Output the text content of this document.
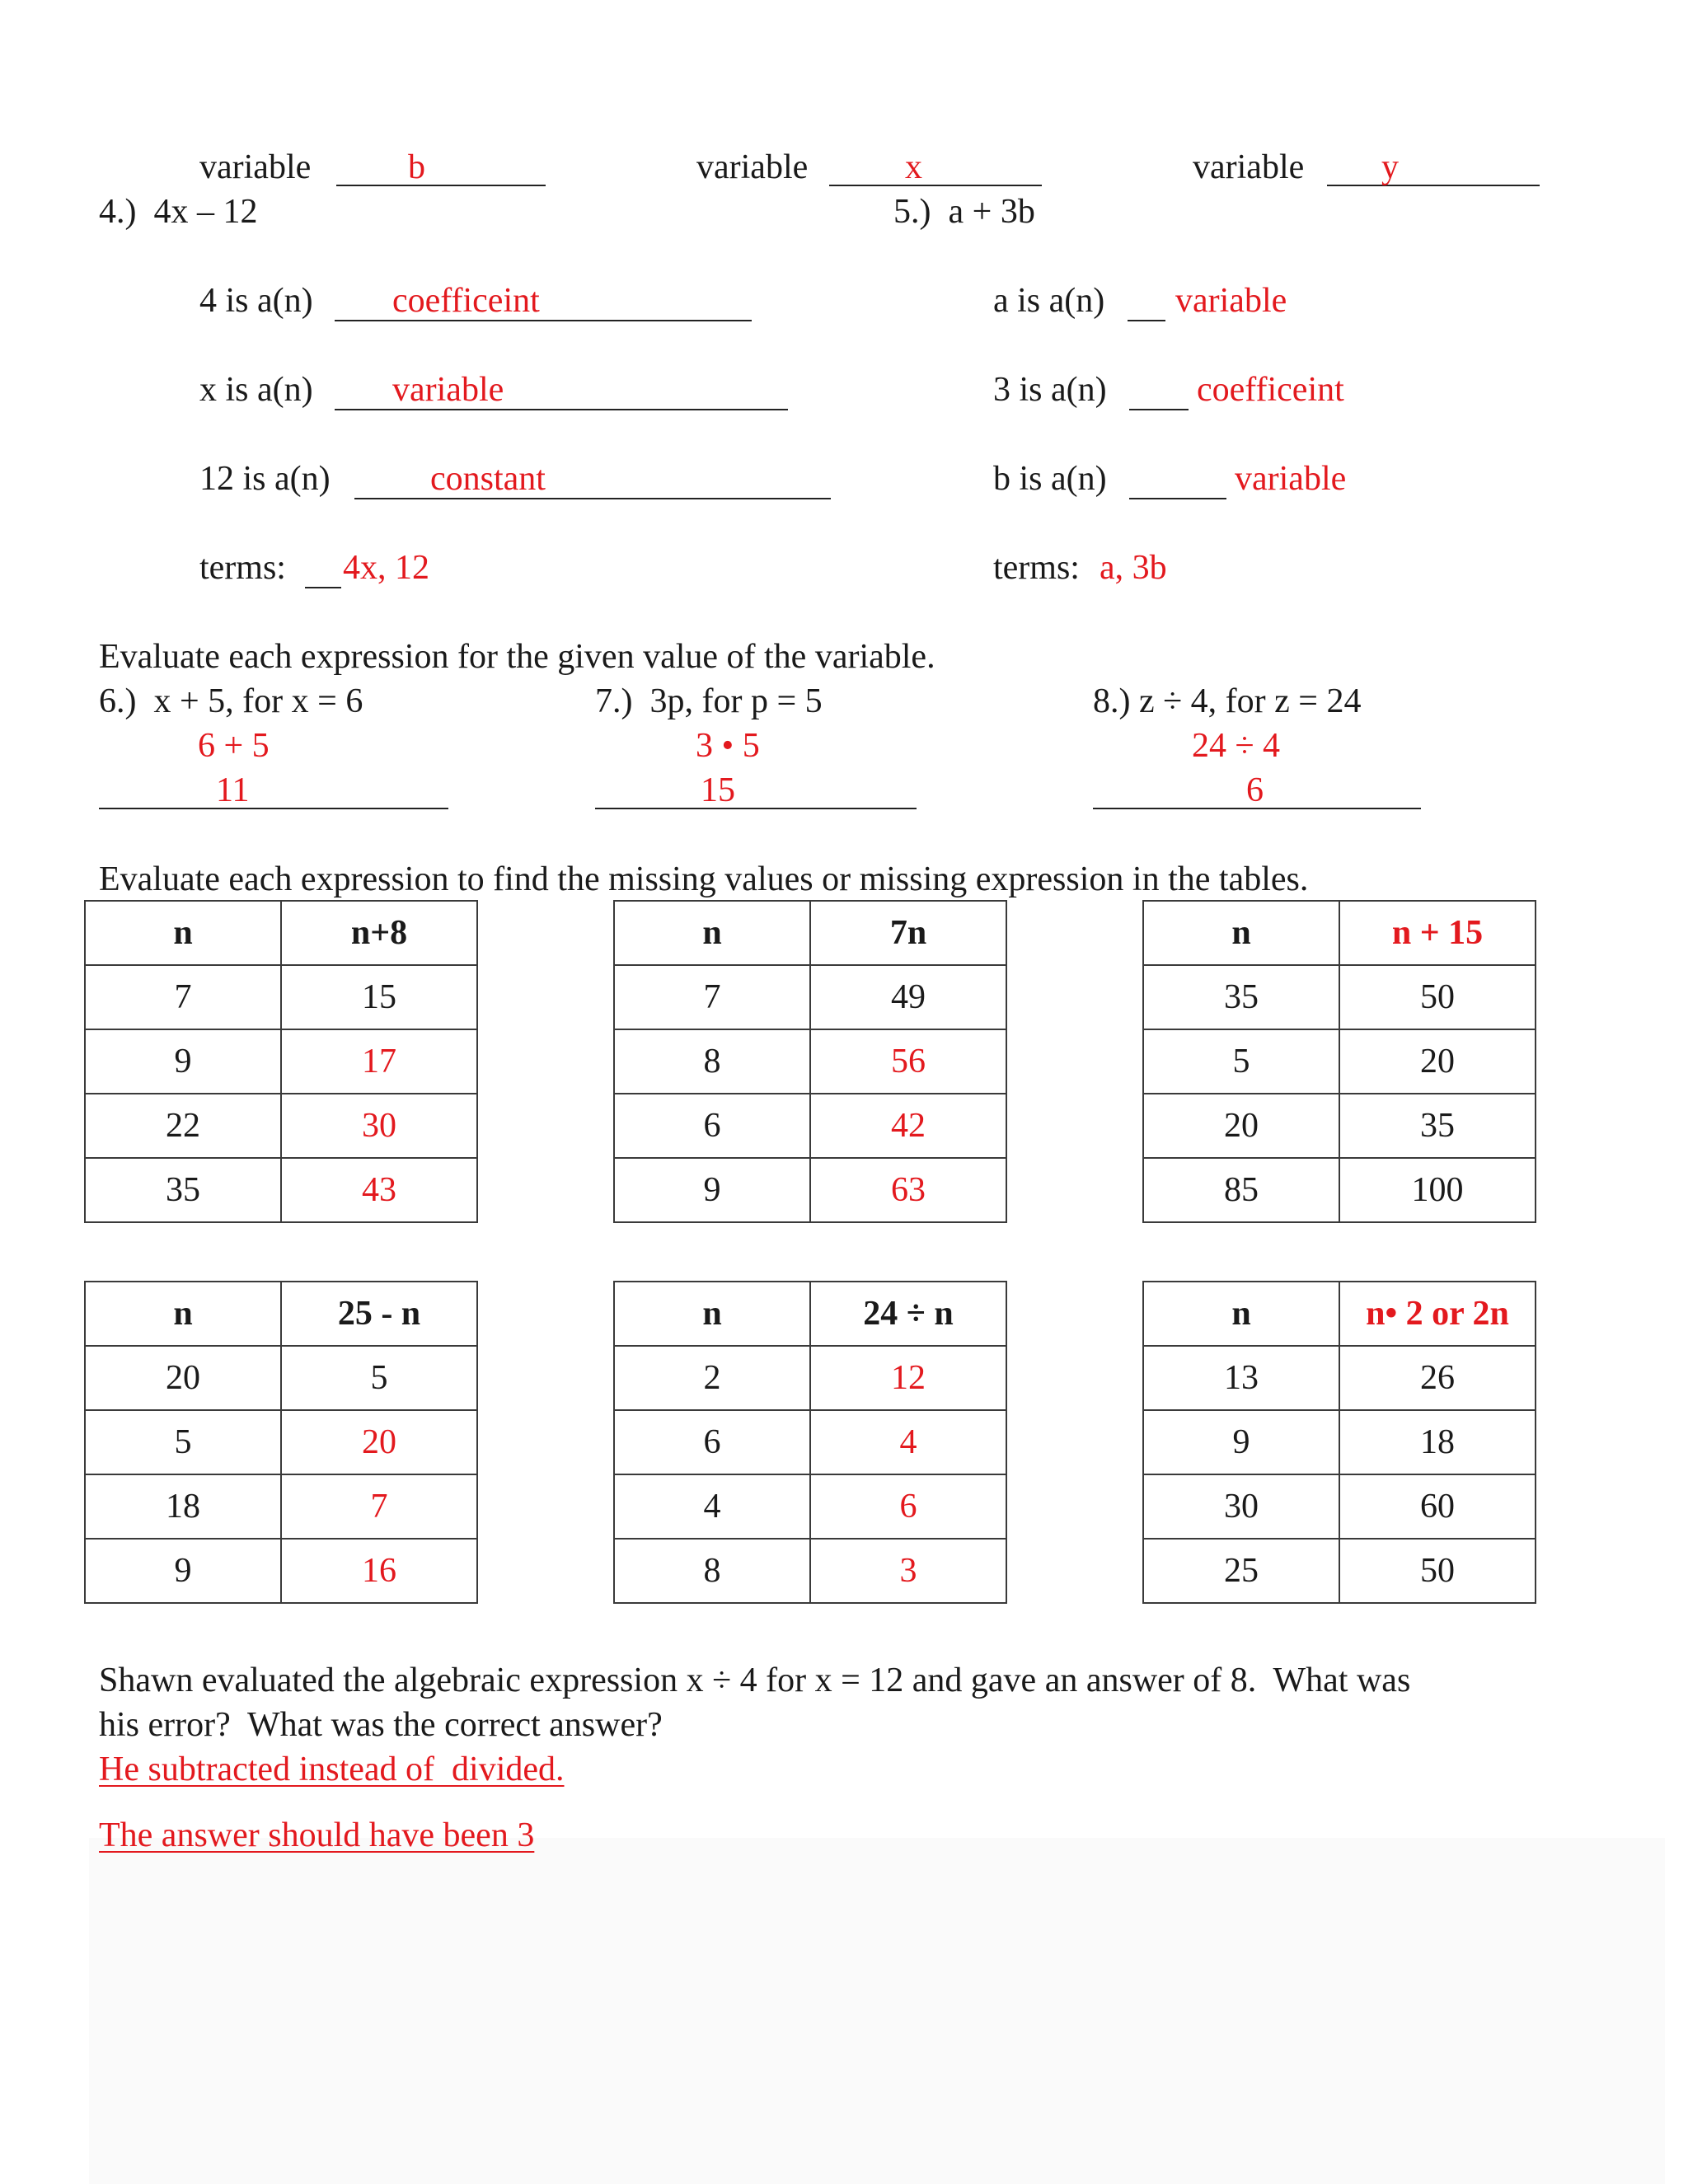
variable	b	variable	x	variable y
4.)  4x – 12	5.)  a + 3b
4 is a(n) coefficeint
x is a(n) variable
12 is a(n)	constant
terms: 4x, 12
a is a(n) variable
3 is a(n)	coefficeint
b is a(n)	variable
terms: a, 3b
Evaluate each expression for the given value of the variable.
6.)  x + 5, for x = 6
6 + 5
11
7.)  3p, for p = 5
3 • 5
15
8.) z ÷ 4, for z = 24
24 ÷ 4
6
Evaluate each expression to find the missing values or missing expression in the tables.
n	n+8
7	15
9	17
22	30
35	43
n	7n
7	49
8	56
6	42
9	63
n	n + 15
35	50
5	20
20	35
85	100
n	25 - n
20	5
5	20
18	7
9	16
n	24 ÷ n
2	12
6	4
4	6
8	3
n	n• 2 or 2n
13	26
9	18
30	60
25	50
Shawn evaluated the algebraic expression x ÷ 4 for x = 12 and gave an answer of 8.  What was
his error?  What was the correct answer?
He subtracted instead of  divided.
The answer should have been 3
